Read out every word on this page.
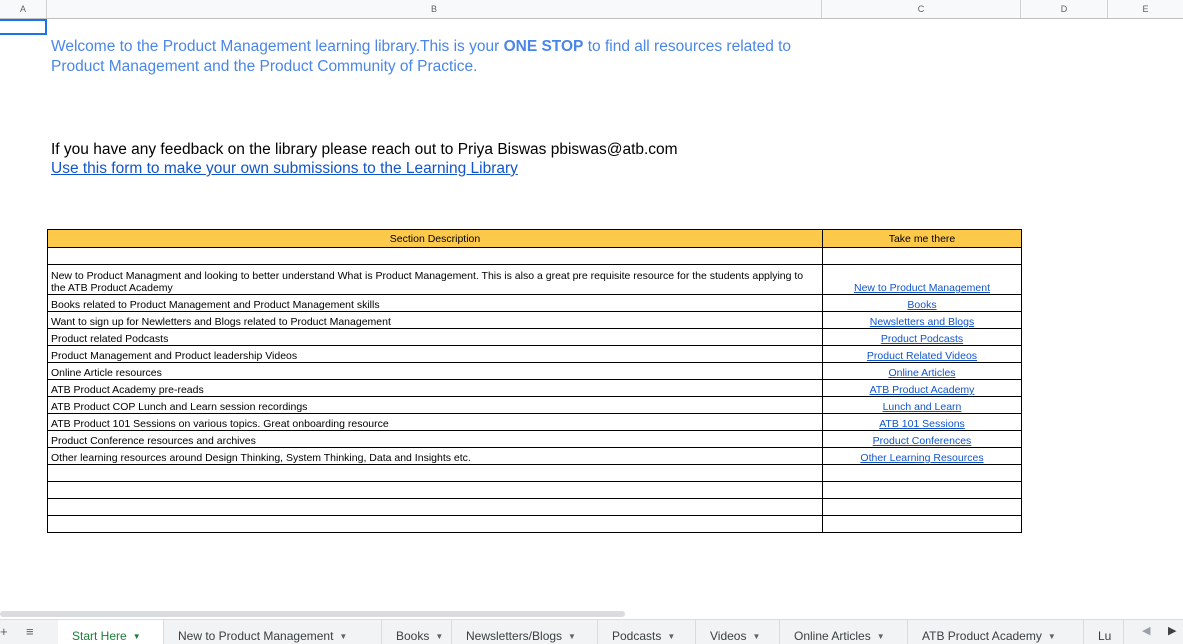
A	B	C	D	E
Welcome to the Product Management learning library.This is your ONE STOP to find all resources related to Product Management and the Product Community of Practice.
If you have any feedback on the library please reach out to Priya Biswas pbiswas@atb.com
Use this form to make your own submissions to the Learning Library
Section Description	Take me there

New to Product Managment and looking to better understand What is Product Management. This is also a great pre requisite resource for the students applying to the ATB Product Academy	New to Product Management
Books related to Product Management and Product Management skills	Books
Want to sign up for Newletters and Blogs related to Product Management	Newsletters and Blogs
Product related Podcasts	Product Podcasts
Product Management and Product leadership Videos	Product Related Videos
Online Article resources	Online Articles
ATB Product Academy pre-reads	ATB Product Academy
ATB Product COP Lunch and Learn session recordings	Lunch and Learn
ATB Product 101 Sessions on various topics. Great onboarding resource	ATB 101 Sessions
Product Conference resources and archives	Product Conferences
Other learning resources around Design Thinking, System Thinking, Data and Insights etc.	Other Learning Resources

+ ≡	Start Here ▼	New to Product Management ▼	Books ▼	Newsletters/Blogs ▼	Podcasts ▼	Videos ▼	Online Articles ▼	ATB Product Academy ▼	Lu	◀ ▶
